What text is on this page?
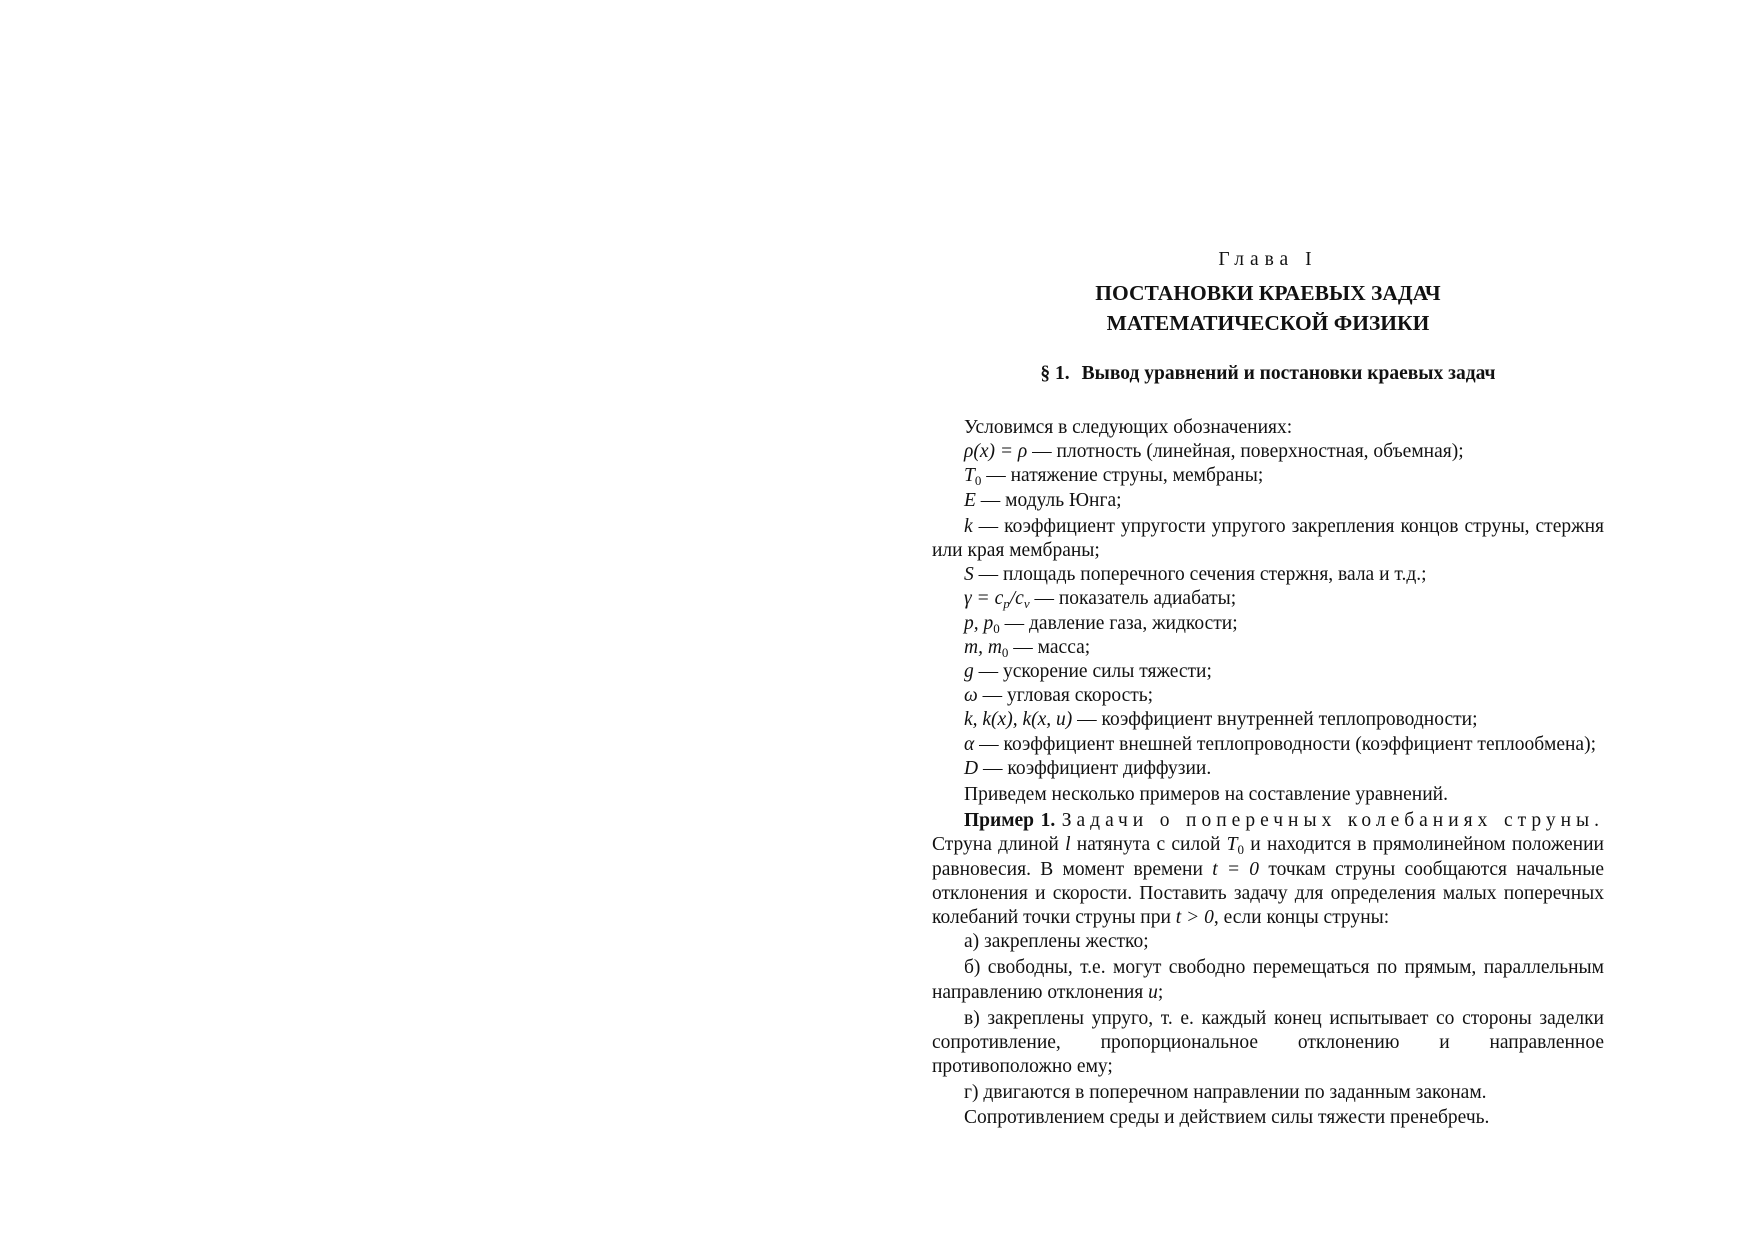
Глава I

ПОСТАНОВКИ КРАЕВЫХ ЗАДАЧ
МАТЕМАТИЧЕСКОЙ ФИЗИКИ
§ 1. Вывод уравнений и постановки краевых задач

Условимся в следующих обозначениях:

ρ(x) = ρ — плотность (линейная, поверхностная, объемная);

$T_0$ — натяжение струны, мембраны;

E — модуль Юнга;

k — коэффициент упругости упругого закрепления концов струны, стержня или края мембраны;

S — площадь поперечного сечения стержня, вала и т.д.;

$\gamma = c_p/c_v$ — показатель адиабаты;

p, $p_0$ — давление газа, жидкости;

m, $m_0$ — масса;

g — ускорение силы тяжести;

ω — угловая скорость;

k, k(x), k(x, u) — коэффициент внутренней теплопроводности;

α — коэффициент внешней теплопроводности (коэффициент теплообмена);

D — коэффициент диффузии.

Приведем несколько примеров на составление уравнений.

Пример 1. Задачи о поперечных колебаниях струны. Струна длиной l натянута с силой $T_0$ и находится в прямолинейном положении равновесия. В момент времени t = 0 точкам струны сообщаются начальные отклонения и скорости. Поставить задачу для определения малых поперечных колебаний точки струны при t > 0, если концы струны:

а) закреплены жестко;

б) свободны, т.е. могут свободно перемещаться по прямым, параллельным направлению отклонения u;

в) закреплены упруго, т. е. каждый конец испытывает со стороны заделки сопротивление, пропорциональное отклонению и направленное противоположно ему;

г) двигаются в поперечном направлении по заданным законам.

Сопротивлением среды и действием силы тяжести пренебречь.
